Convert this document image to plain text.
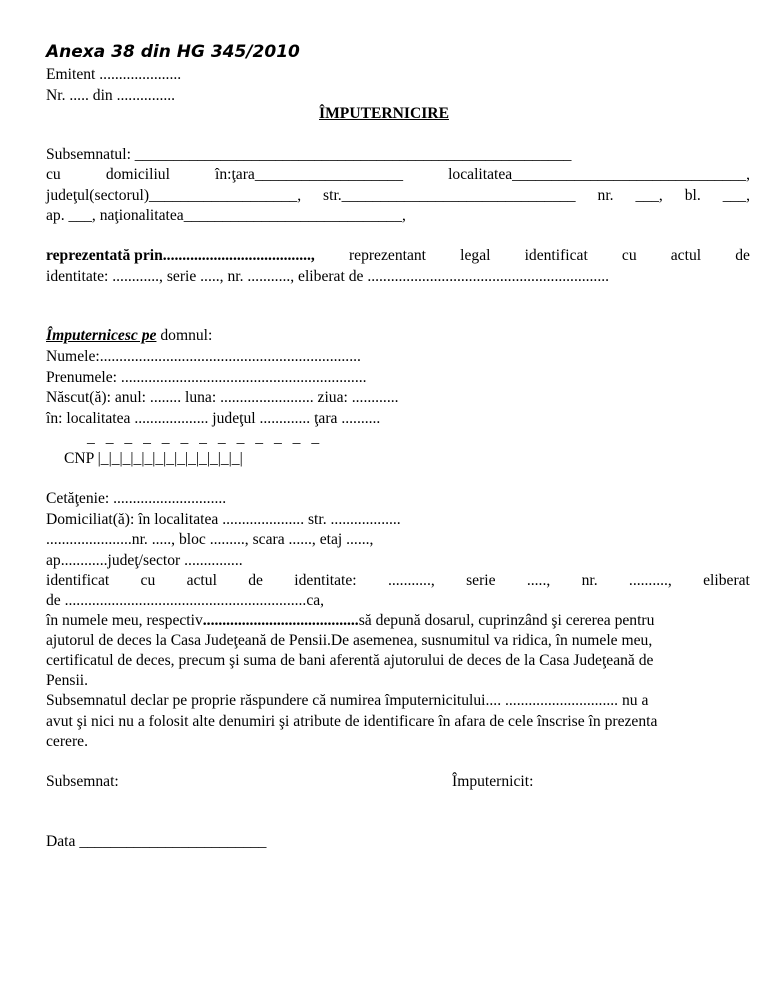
Anexa 38 din HG 345/2010
Emitent .....................
Nr. ..... din ...............
ÎMPUTERNICIRE
Subsemnatul: ________________________________________________________
cu	domiciliul	în:ţara___________________	localitatea______________________________,
judeţul(sectorul)___________________, str.______________________________ nr. ___, bl. ___,
ap. ___, naţionalitatea____________________________,
reprezentată prin......................................, reprezentant legal identificat cu actul de
identitate: ............, serie ....., nr. ..........., eliberat de ..............................................................
Împuternicesc pe domnul:
Numele:...................................................................
Prenumele: ...............................................................
Născut(ă): anul: ........ luna: ........................ ziua: ............
în: localitatea ................... judeţul ............. ţara ..........
_ _ _ _ _ _ _ _ _ _ _ _ _
CNP |_|_|_|_|_|_|_|_|_|_|_|_|_|
Cetăţenie: .............................
Domiciliat(ă): în localitatea ..................... str. ..................
......................nr. ....., bloc ........., scara ......, etaj ......,
ap............judeţ/sector ...............
identificat cu actul de identitate: ..........., serie ....., nr. .........., eliberat
de ..............................................................ca,
în numele meu, respectiv........................................să depună dosarul, cuprinzând şi cererea pentru
ajutorul de deces la Casa Judeţeană de Pensii.De asemenea, susnumitul va ridica, în numele meu,
certificatul de deces, precum şi suma de bani aferentă ajutorului de deces de la Casa Judeţeană de
Pensii.
Subsemnatul declar pe proprie răspundere că numirea împuternicitului.... ............................. nu a
avut şi nici nu a folosit alte denumiri şi atribute de identificare în afara de cele înscrise în prezenta
cerere.
Subsemnat:	Împuternicit:
Data ________________________
